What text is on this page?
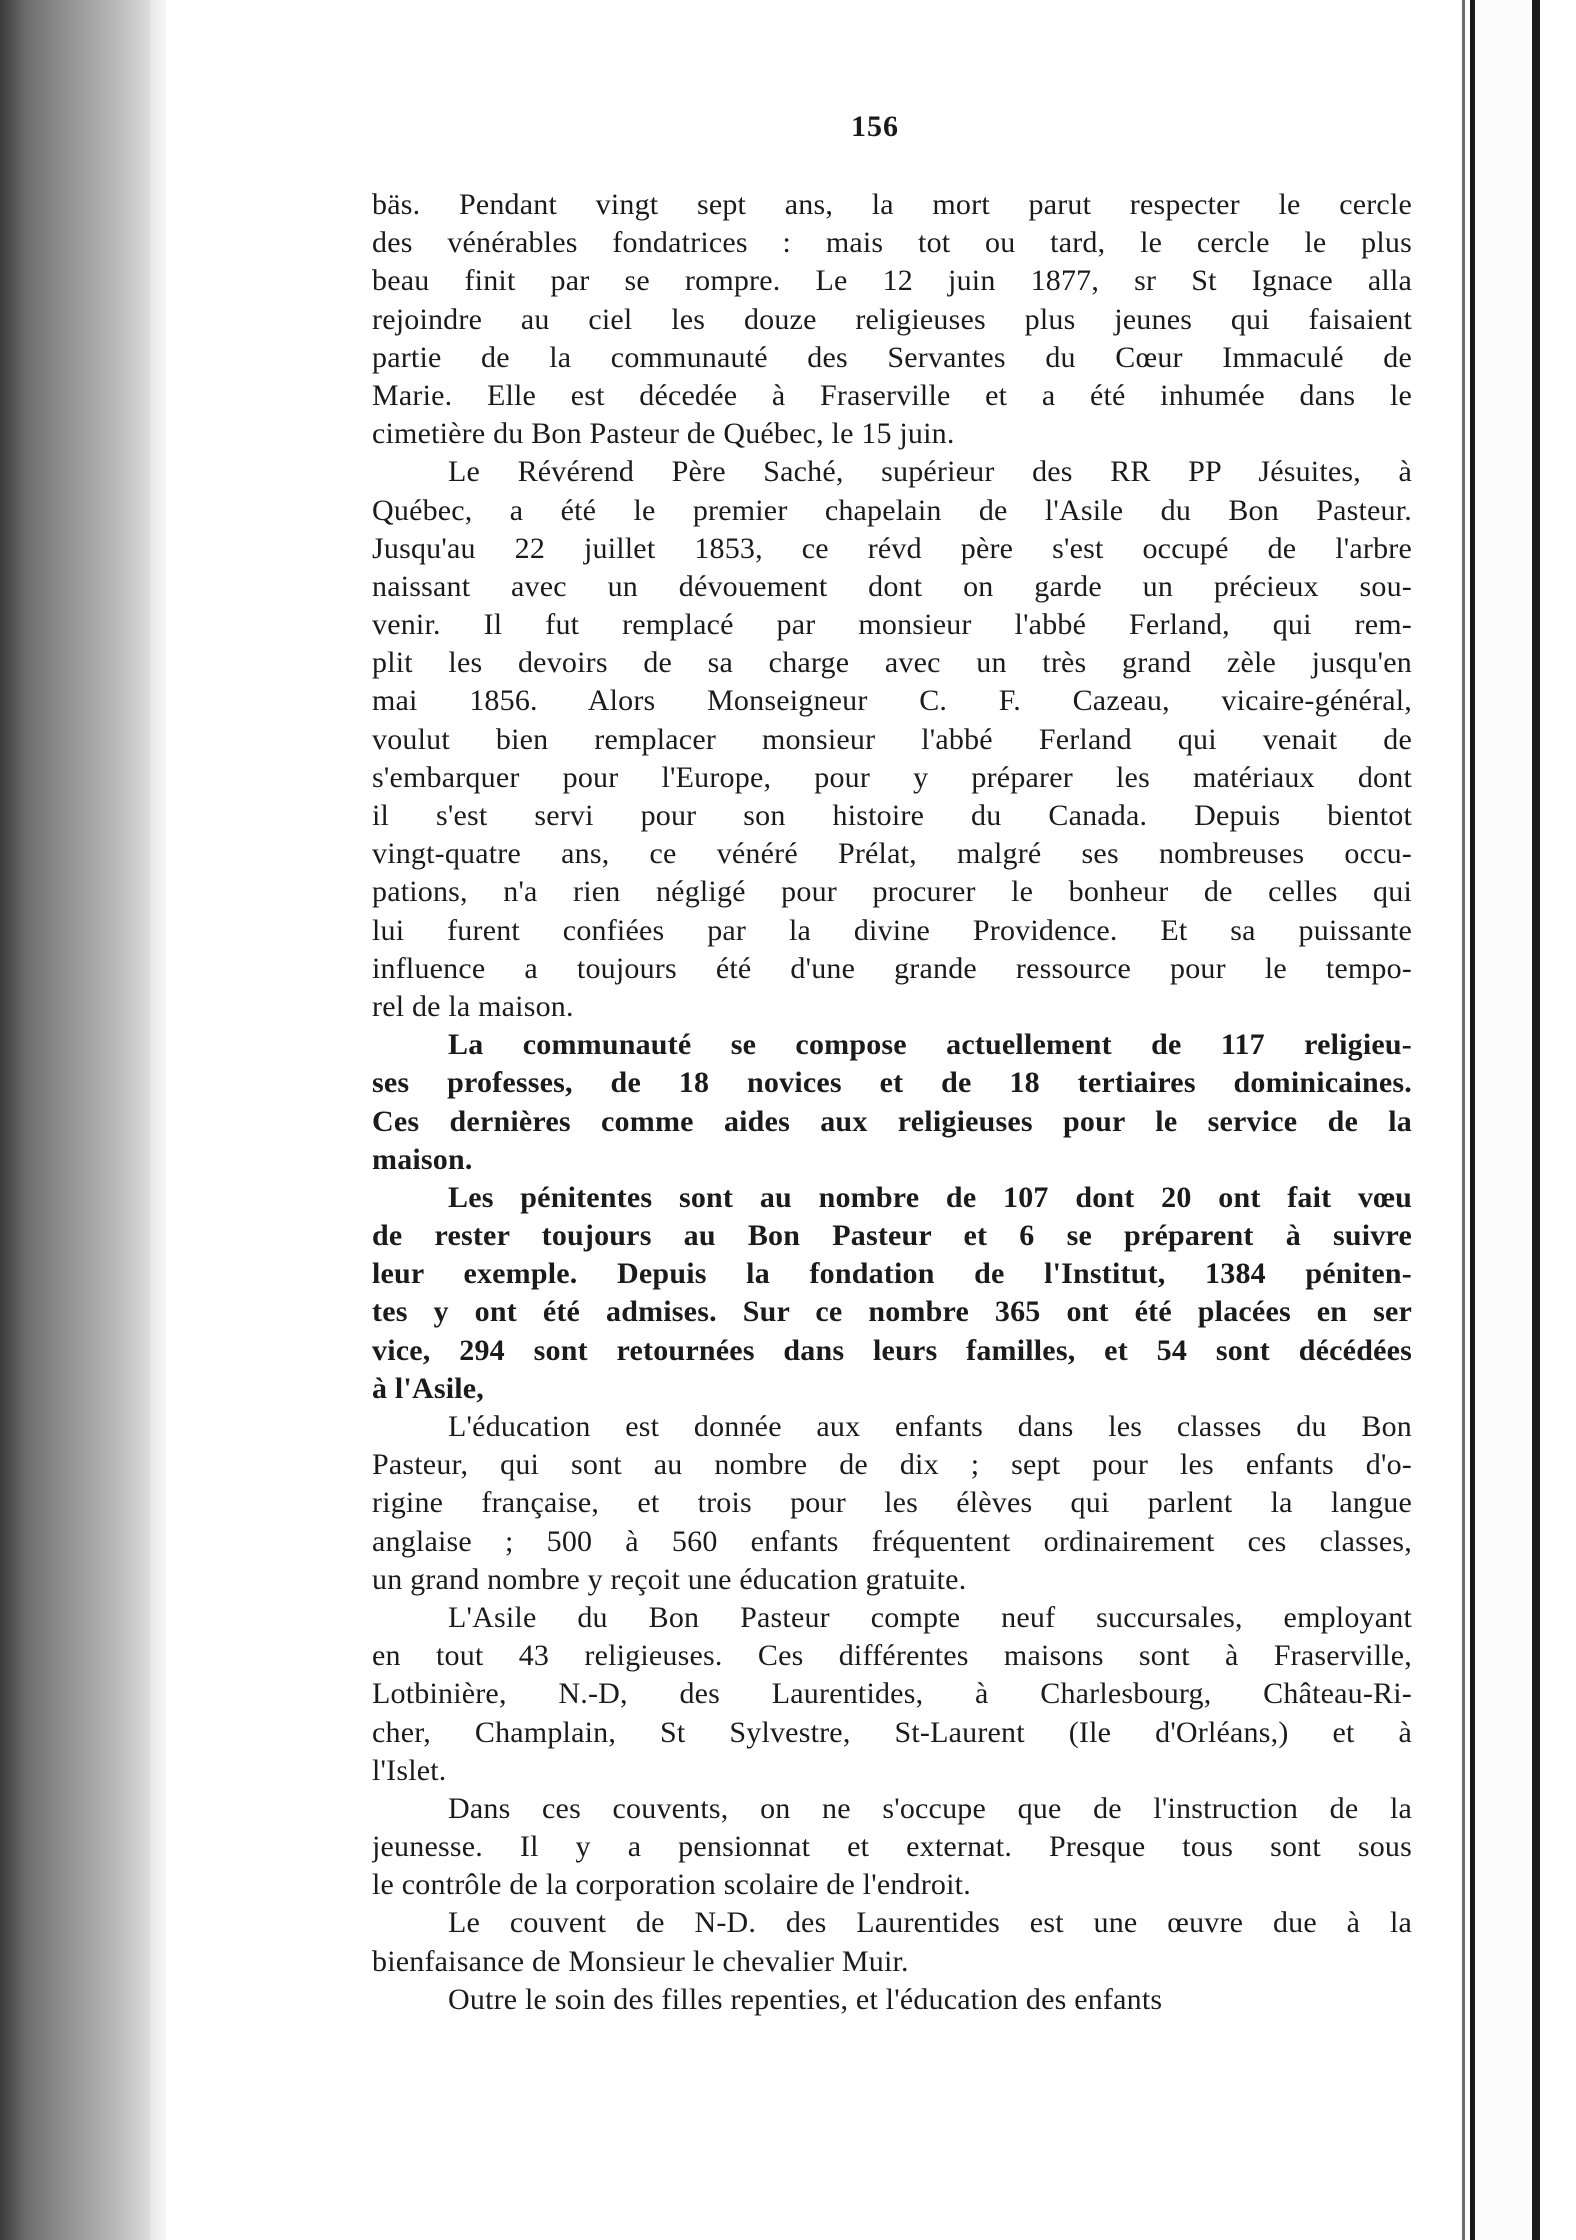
156
bäs. Pendant vingt sept ans, la mort parut respecter le cercle
des vénérables fondatrices : mais tot ou tard, le cercle le plus
beau finit par se rompre. Le 12 juin 1877, sr St Ignace alla
rejoindre au ciel les douze religieuses plus jeunes qui faisaient
partie de la communauté des Servantes du Cœur Immaculé de
Marie. Elle est décedée à Fraserville et a été inhumée dans le
cimetière du Bon Pasteur de Québec, le 15 juin.
Le Révérend Père Saché, supérieur des RR PP Jésuites, à
Québec, a été le premier chapelain de l'Asile du Bon Pasteur.
Jusqu'au 22 juillet 1853, ce révd père s'est occupé de l'arbre
naissant avec un dévouement dont on garde un précieux sou-
venir. Il fut remplacé par monsieur l'abbé Ferland, qui rem-
plit les devoirs de sa charge avec un très grand zèle jusqu'en
mai 1856. Alors Monseigneur C. F. Cazeau, vicaire-général,
voulut bien remplacer monsieur l'abbé Ferland qui venait de
s'embarquer pour l'Europe, pour y préparer les matériaux dont
il s'est servi pour son histoire du Canada. Depuis bientot
vingt-quatre ans, ce vénéré Prélat, malgré ses nombreuses occu-
pations, n'a rien négligé pour procurer le bonheur de celles qui
lui furent confiées par la divine Providence. Et sa puissante
influence a toujours été d'une grande ressource pour le tempo-
rel de la maison.
La communauté se compose actuellement de 117 religieu-
ses professes, de 18 novices et de 18 tertiaires dominicaines.
Ces dernières comme aides aux religieuses pour le service de la
maison.
Les pénitentes sont au nombre de 107 dont 20 ont fait vœu
de rester toujours au Bon Pasteur et 6 se préparent à suivre
leur exemple. Depuis la fondation de l'Institut, 1384 péniten-
tes y ont été admises. Sur ce nombre 365 ont été placées en ser
vice, 294 sont retournées dans leurs familles, et 54 sont décédées
à l'Asile,
L'éducation est donnée aux enfants dans les classes du Bon
Pasteur, qui sont au nombre de dix ; sept pour les enfants d'o-
rigine française, et trois pour les élèves qui parlent la langue
anglaise ; 500 à 560 enfants fréquentent ordinairement ces classes,
un grand nombre y reçoit une éducation gratuite.
L'Asile du Bon Pasteur compte neuf succursales, employant
en tout 43 religieuses. Ces différentes maisons sont à Fraserville,
Lotbinière, N.-D, des Laurentides, à Charlesbourg, Château-Ri-
cher, Champlain, St Sylvestre, St-Laurent (Ile d'Orléans,) et à
l'Islet.
Dans ces couvents, on ne s'occupe que de l'instruction de la
jeunesse. Il y a pensionnat et externat. Presque tous sont sous
le contrôle de la corporation scolaire de l'endroit.
Le couvent de N-D. des Laurentides est une œuvre due à la
bienfaisance de Monsieur le chevalier Muir.
Outre le soin des filles repenties, et l'éducation des enfants
